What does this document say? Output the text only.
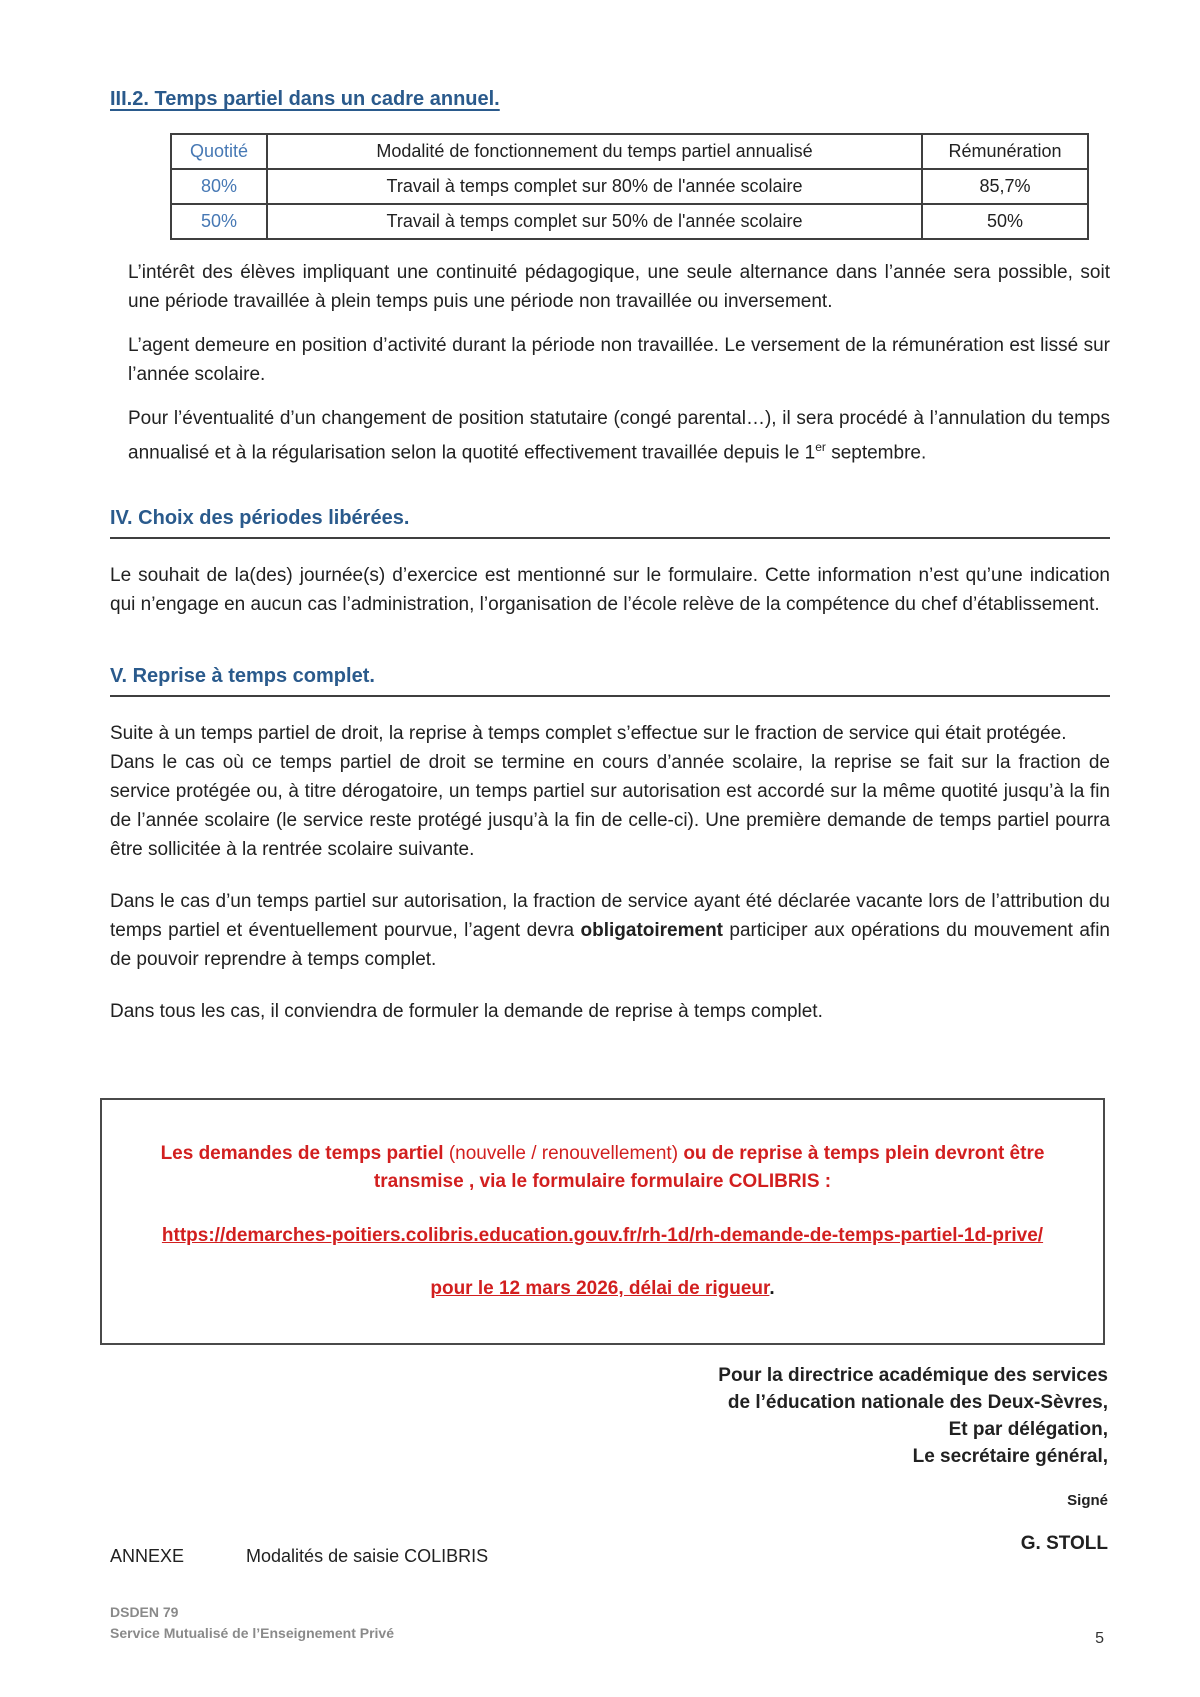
III.2. Temps partiel dans un cadre annuel.
Quotité	Modalité de fonctionnement du temps partiel annualisé	Rémunération
80%	Travail à temps complet sur 80% de l'année scolaire	85,7%
50%	Travail à temps complet sur 50% de l'année scolaire	50%

L’intérêt des élèves impliquant une continuité pédagogique, une seule alternance dans l’année sera possible, soit une période travaillée à plein temps puis une période non travaillée ou inversement.

L’agent demeure en position d’activité durant la période non travaillée. Le versement de la rémunération est lissé sur l’année scolaire.

Pour l’éventualité d’un changement de position statutaire (congé parental…), il sera procédé à l’annulation du temps annualisé et à la régularisation selon la quotité effectivement travaillée depuis le 1er septembre.

IV. Choix des périodes libérées.

Le souhait de la(des) journée(s) d’exercice est mentionné sur le formulaire. Cette information n’est qu’une indication qui n’engage en aucun cas l’administration, l’organisation de l’école relève de la compétence du chef d’établissement.

V. Reprise à temps complet.

Suite à un temps partiel de droit, la reprise à temps complet s’effectue sur le fraction de service qui était protégée.

Dans le cas où ce temps partiel de droit se termine en cours d’année scolaire, la reprise se fait sur la fraction de service protégée ou, à titre dérogatoire, un temps partiel sur autorisation est accordé sur la même quotité jusqu’à la fin de l’année scolaire (le service reste protégé jusqu’à la fin de celle-ci). Une première demande de temps partiel pourra être sollicitée à la rentrée scolaire suivante.

Dans le cas d’un temps partiel sur autorisation, la fraction de service ayant été déclarée vacante lors de l’attribution du temps partiel et éventuellement pourvue, l’agent devra obligatoirement participer aux opérations du mouvement afin de pouvoir reprendre à temps complet.

Dans tous les cas, il conviendra de formuler la demande de reprise à temps complet.

Les demandes de temps partiel (nouvelle / renouvellement) ou de reprise à temps plein devront être transmise , via le formulaire formulaire COLIBRIS :
https://demarches-poitiers.colibris.education.gouv.fr/rh-1d/rh-demande-de-temps-partiel-1d-prive/
pour le 12 mars 2026, délai de rigueur.
Pour la directrice académique des services
de l’éducation nationale des Deux-Sèvres,
Et par délégation,
Le secrétaire général,
Signé
G. STOLL
ANNEXE	Modalités de saisie COLIBRIS
DSDEN 79
Service Mutualisé de l’Enseignement Privé	5
